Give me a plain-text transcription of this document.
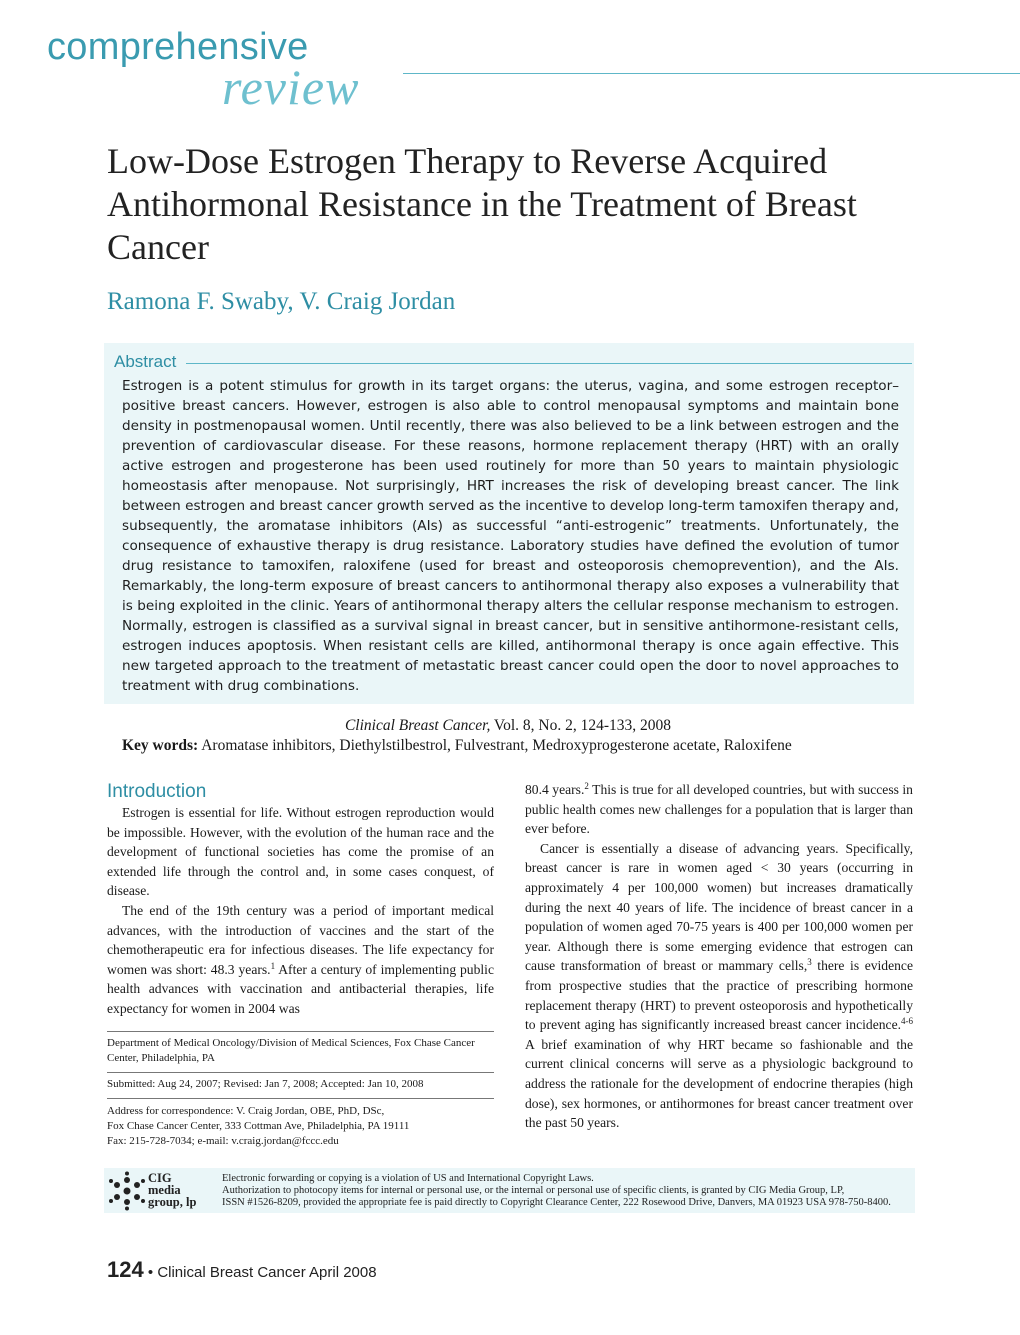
comprehensive
review
Low-Dose Estrogen Therapy to Reverse Acquired Antihormonal Resistance in the Treatment of Breast Cancer
Ramona F. Swaby, V. Craig Jordan
Abstract
Estrogen is a potent stimulus for growth in its target organs: the uterus, vagina, and some estrogen receptor–positive breast cancers. However, estrogen is also able to control menopausal symptoms and maintain bone density in postmenopausal women. Until recently, there was also believed to be a link between estrogen and the prevention of cardiovascular disease. For these reasons, hormone replacement therapy (HRT) with an orally active estrogen and progesterone has been used routinely for more than 50 years to maintain physiologic homeostasis after menopause. Not surprisingly, HRT increases the risk of developing breast cancer. The link between estrogen and breast cancer growth served as the incentive to develop long-term tamoxifen therapy and, subsequently, the aromatase inhibitors (AIs) as successful “anti-estrogenic” treatments. Unfortunately, the consequence of exhaustive therapy is drug resistance. Laboratory studies have defined the evolution of tumor drug resistance to tamoxifen, raloxifene (used for breast and osteoporosis chemoprevention), and the AIs. Remarkably, the long-term exposure of breast cancers to antihormonal therapy also exposes a vulnerability that is being exploited in the clinic. Years of antihormonal therapy alters the cellular response mechanism to estrogen. Normally, estrogen is classified as a survival signal in breast cancer, but in sensitive antihormone-resistant cells, estrogen induces apoptosis. When resistant cells are killed, antihormonal therapy is once again effective. This new targeted approach to the treatment of metastatic breast cancer could open the door to novel approaches to treatment with drug combinations.
Clinical Breast Cancer, Vol. 8, No. 2, 124-133, 2008
Key words: Aromatase inhibitors, Diethylstilbestrol, Fulvestrant, Medroxyprogesterone acetate, Raloxifene
Introduction

Estrogen is essential for life. Without estrogen reproduction would be impossible. However, with the evolution of the human race and the development of functional societies has come the promise of an extended life through the control and, in some cases conquest, of disease.

The end of the 19th century was a period of important medical advances, with the introduction of vaccines and the start of the chemotherapeutic era for infectious diseases. The life expectancy for women was short: 48.3 years.$^1$ After a century of implementing public health advances with vaccination and antibacterial therapies, life expectancy for women in 2004 was

Department of Medical Oncology/Division of Medical Sciences, Fox Chase Cancer Center, Philadelphia, PA
Submitted: Aug 24, 2007; Revised: Jan 7, 2008; Accepted: Jan 10, 2008
Address for correspondence: V. Craig Jordan, OBE, PhD, DSc,
Fox Chase Cancer Center, 333 Cottman Ave, Philadelphia, PA 19111
Fax: 215-728-7034; e-mail: v.craig.jordan@fccc.edu

80.4 years.$^2$ This is true for all developed countries, but with success in public health comes new challenges for a population that is larger than ever before.

Cancer is essentially a disease of advancing years. Specifically, breast cancer is rare in women aged < 30 years (occurring in approximately 4 per 100,000 women) but increases dramatically during the next 40 years of life. The incidence of breast cancer in a population of women aged 70-75 years is 400 per 100,000 women per year. Although there is some emerging evidence that estrogen can cause transformation of breast or mammary cells,$^3$ there is evidence from prospective studies that the practice of prescribing hormone replacement therapy (HRT) to prevent osteoporosis and hypothetically to prevent aging has significantly increased breast cancer incidence.$^{4-6}$ A brief examination of why HRT became so fashionable and the current clinical concerns will serve as a physiologic background to address the rationale for the development of endocrine therapies (high dose), sex hormones, or antihormones for breast cancer treatment over the past 50 years.

CIG
media
group, lp
Electronic forwarding or copying is a violation of US and International Copyright Laws.
Authorization to photocopy items for internal or personal use, or the internal or personal use of specific clients, is granted by CIG Media Group, LP,
ISSN #1526-8209, provided the appropriate fee is paid directly to Copyright Clearance Center, 222 Rosewood Drive, Danvers, MA 01923 USA 978-750-8400.
124 • Clinical Breast Cancer April 2008
